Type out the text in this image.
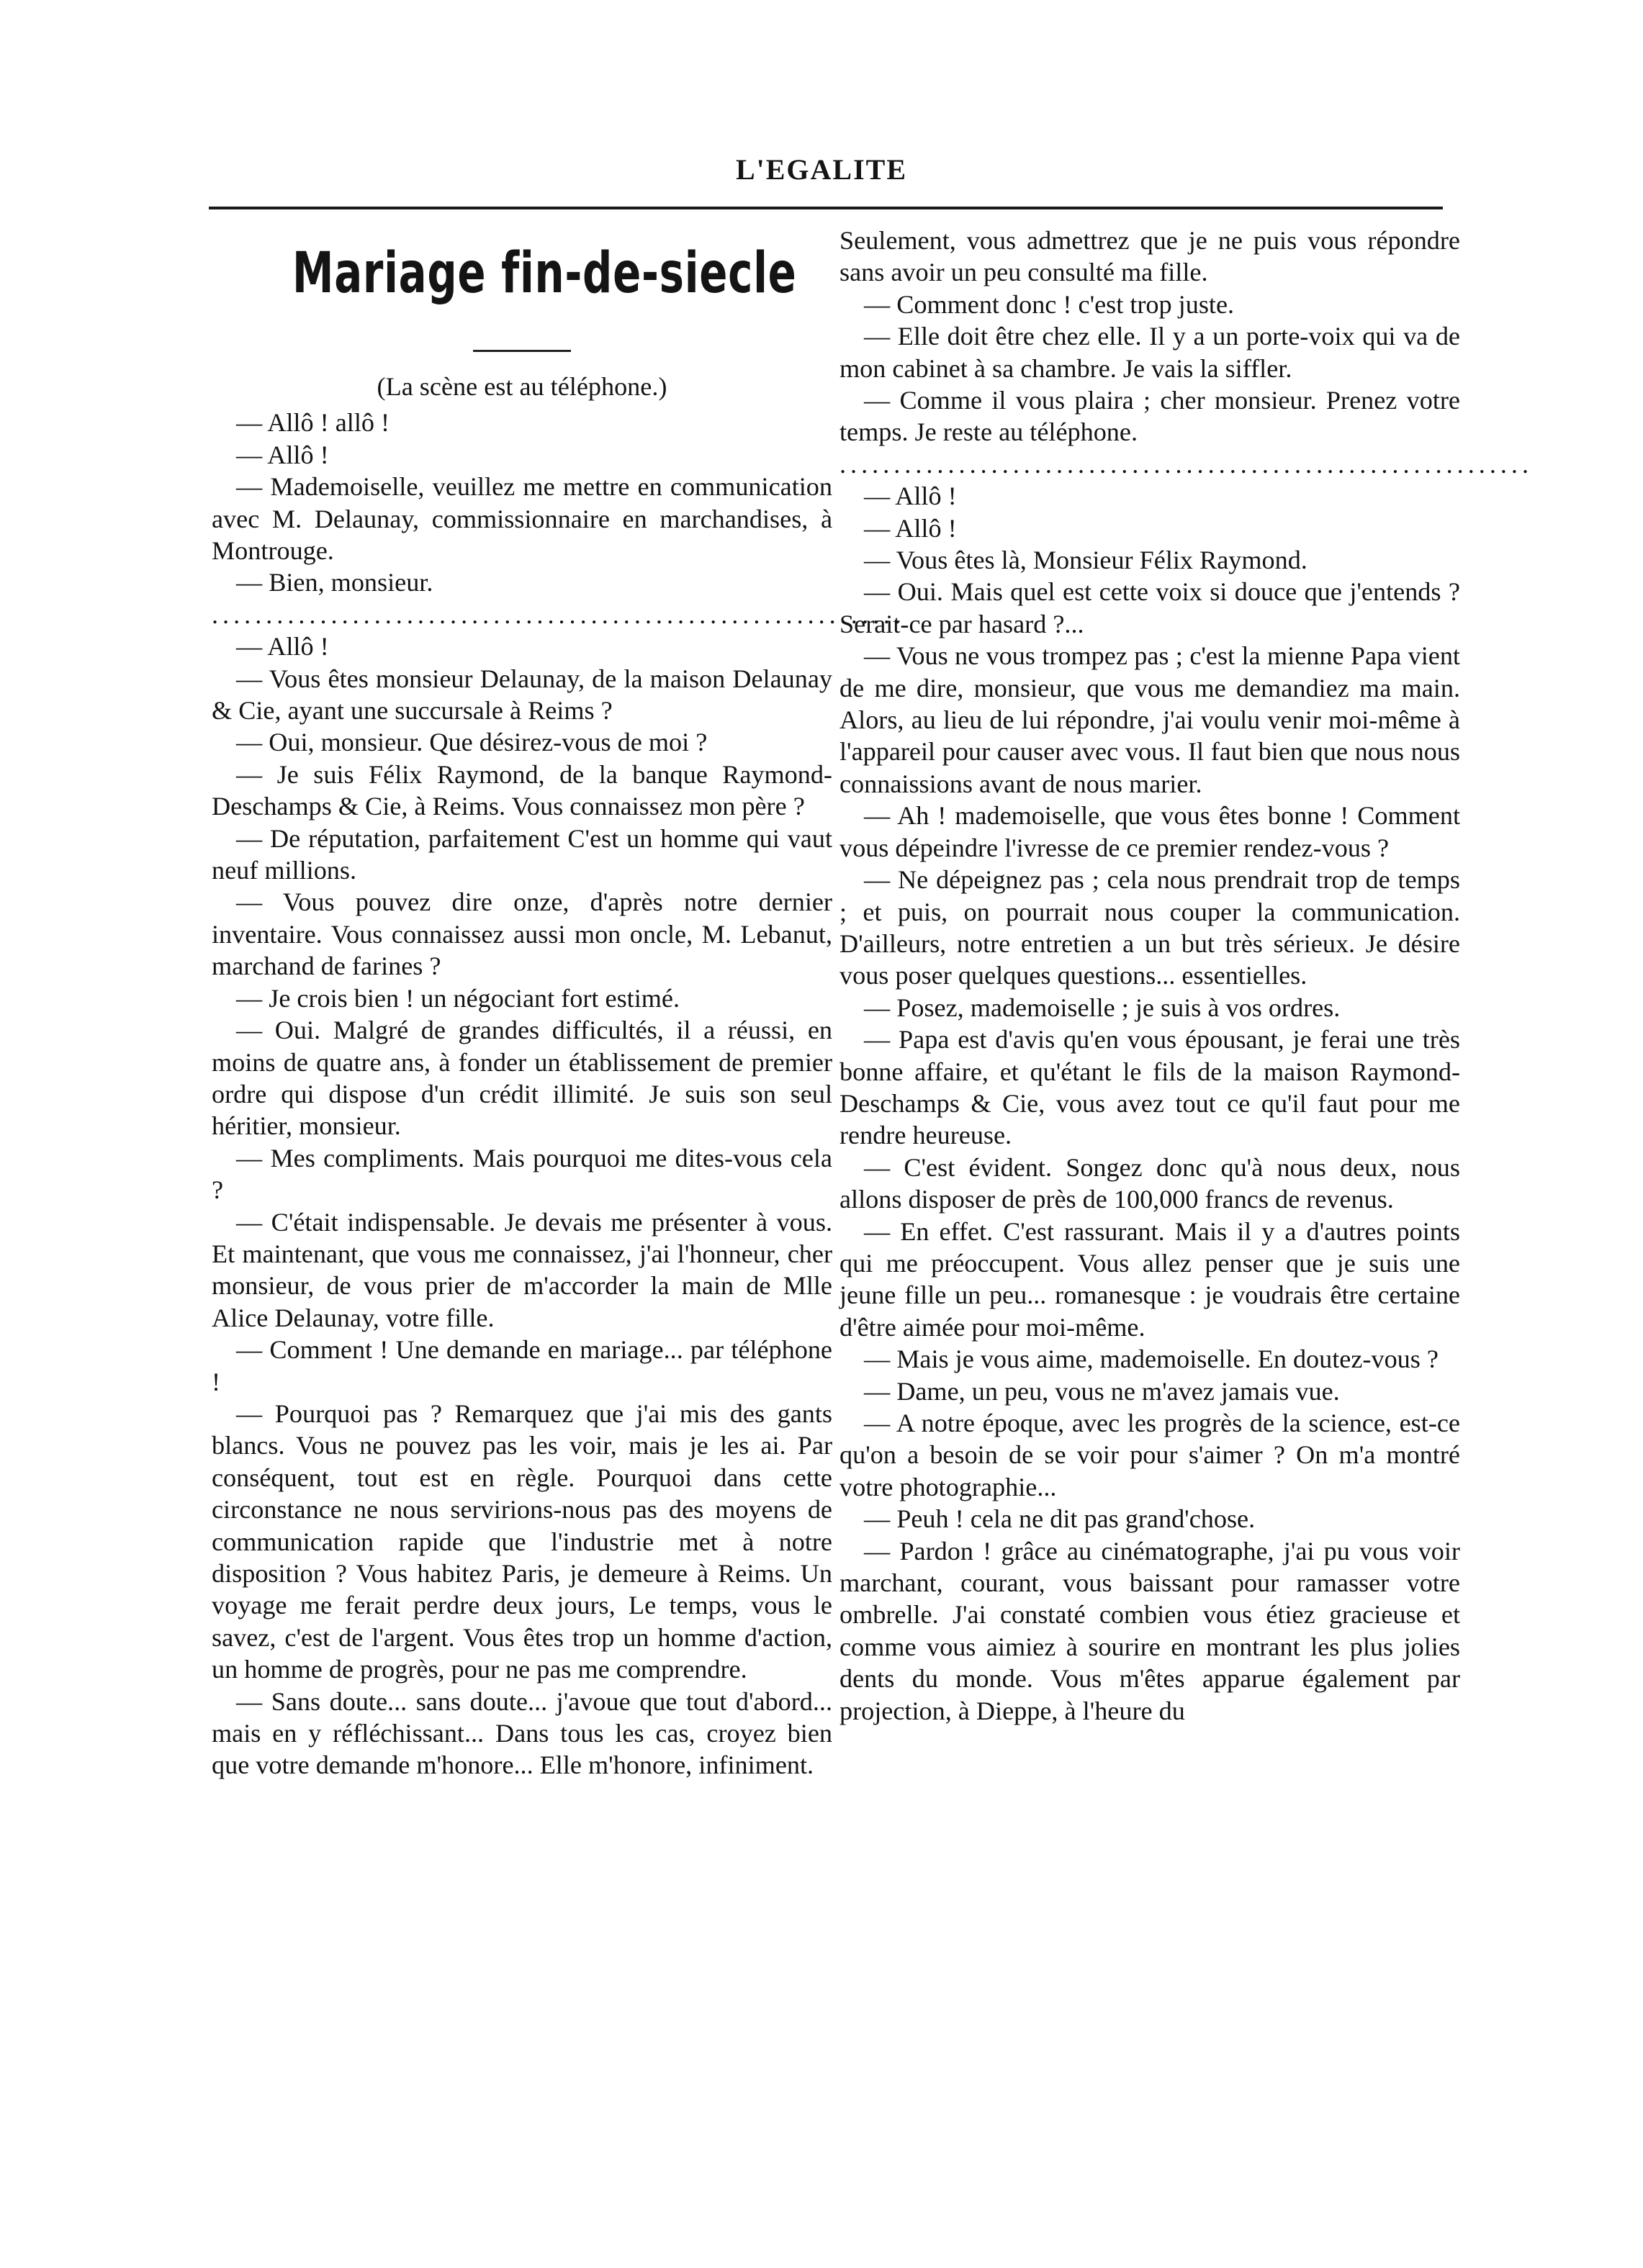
L'EGALITE
Mariage fin-de-siecle
(La scène est au téléphone.)

— Allô ! allô !

— Allô !

— Mademoiselle, veuillez me mettre en communication avec M. Delaunay, commissionnaire en marchandises, à Montrouge.

— Bien, monsieur.

................................................................

— Allô !

— Vous êtes monsieur Delaunay, de la maison Delaunay & Cie, ayant une succursale à Reims ?

— Oui, monsieur. Que désirez-vous de moi ?

— Je suis Félix Raymond, de la banque Raymond-Deschamps & Cie, à Reims. Vous connaissez mon père ?

— De réputation, parfaitement C'est un homme qui vaut neuf millions.

— Vous pouvez dire onze, d'après notre dernier inventaire. Vous connaissez aussi mon oncle, M. Lebanut, marchand de farines ?

— Je crois bien ! un négociant fort estimé.

— Oui. Malgré de grandes difficultés, il a réussi, en moins de quatre ans, à fonder un établissement de premier ordre qui dispose d'un crédit illimité. Je suis son seul héritier, monsieur.

— Mes compliments. Mais pourquoi me dites-vous cela ?

— C'était indispensable. Je devais me présenter à vous. Et maintenant, que vous me connaissez, j'ai l'honneur, cher monsieur, de vous prier de m'accorder la main de Mlle Alice Delaunay, votre fille.

— Comment ! Une demande en mariage... par téléphone !

— Pourquoi pas ? Remarquez que j'ai mis des gants blancs. Vous ne pouvez pas les voir, mais je les ai. Par conséquent, tout est en règle. Pourquoi dans cette circonstance ne nous servirions-nous pas des moyens de communication rapide que l'industrie met à notre disposition ? Vous habitez Paris, je demeure à Reims. Un voyage me ferait perdre deux jours, Le temps, vous le savez, c'est de l'argent. Vous êtes trop un homme d'action, un homme de progrès, pour ne pas me comprendre.

— Sans doute... sans doute... j'avoue que tout d'abord... mais en y réfléchissant... Dans tous les cas, croyez bien que votre demande m'honore... Elle m'honore, infiniment.

Seulement, vous admettrez que je ne puis vous répondre sans avoir un peu consulté ma fille.

— Comment donc ! c'est trop juste.

— Elle doit être chez elle. Il y a un porte-voix qui va de mon cabinet à sa chambre. Je vais la siffler.

— Comme il vous plaira ; cher monsieur. Prenez votre temps. Je reste au téléphone.

................................................................

— Allô !

— Allô !

— Vous êtes là, Monsieur Félix Raymond.

— Oui. Mais quel est cette voix si douce que j'entends ? Serait-ce par hasard ?...

— Vous ne vous trompez pas ; c'est la mienne Papa vient de me dire, monsieur, que vous me demandiez ma main. Alors, au lieu de lui répondre, j'ai voulu venir moi-même à l'appareil pour causer avec vous. Il faut bien que nous nous connaissions avant de nous marier.

— Ah ! mademoiselle, que vous êtes bonne ! Comment vous dépeindre l'ivresse de ce premier rendez-vous ?

— Ne dépeignez pas ; cela nous prendrait trop de temps ; et puis, on pourrait nous couper la communication. D'ailleurs, notre entretien a un but très sérieux. Je désire vous poser quelques questions... essentielles.

— Posez, mademoiselle ; je suis à vos ordres.

— Papa est d'avis qu'en vous épousant, je ferai une très bonne affaire, et qu'étant le fils de la maison Raymond-Deschamps & Cie, vous avez tout ce qu'il faut pour me rendre heureuse.

— C'est évident. Songez donc qu'à nous deux, nous allons disposer de près de 100,000 francs de revenus.

— En effet. C'est rassurant. Mais il y a d'autres points qui me préoccupent. Vous allez penser que je suis une jeune fille un peu... romanesque : je voudrais être certaine d'être aimée pour moi-même.

— Mais je vous aime, mademoiselle. En doutez-vous ?

— Dame, un peu, vous ne m'avez jamais vue.

— A notre époque, avec les progrès de la science, est-ce qu'on a besoin de se voir pour s'aimer ? On m'a montré votre photographie...

— Peuh ! cela ne dit pas grand'chose.

— Pardon ! grâce au cinématographe, j'ai pu vous voir marchant, courant, vous baissant pour ramasser votre ombrelle. J'ai constaté combien vous étiez gracieuse et comme vous aimiez à sourire en montrant les plus jolies dents du monde. Vous m'êtes apparue également par projection, à Dieppe, à l'heure du
